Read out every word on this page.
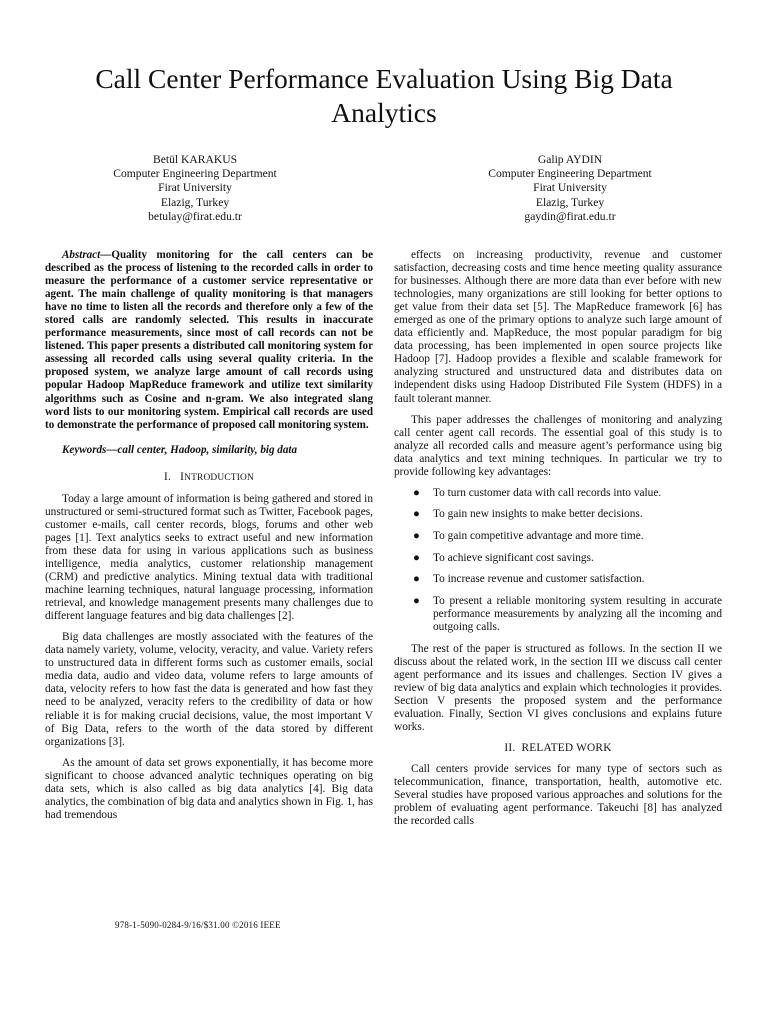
Call Center Performance Evaluation Using Big Data Analytics
Betül KARAKUS
Computer Engineering Department
Firat University
Elazig, Turkey
betulay@firat.edu.tr
Galip AYDIN
Computer Engineering Department
Firat University
Elazig, Turkey
gaydin@firat.edu.tr

Abstract—Quality monitoring for the call centers can be described as the process of listening to the recorded calls in order to measure the performance of a customer service representative or agent. The main challenge of quality monitoring is that managers have no time to listen all the records and therefore only a few of the stored calls are randomly selected. This results in inaccurate performance measurements, since most of call records can not be listened. This paper presents a distributed call monitoring system for assessing all recorded calls using several quality criteria. In the proposed system, we analyze large amount of call records using popular Hadoop MapReduce framework and utilize text similarity algorithms such as Cosine and n-gram. We also integrated slang word lists to our monitoring system. Empirical call records are used to demonstrate the performance of proposed call monitoring system.

Keywords—call center, Hadoop, similarity, big data

I. INTRODUCTION

Today a large amount of information is being gathered and stored in unstructured or semi-structured format such as Twitter, Facebook pages, customer e-mails, call center records, blogs, forums and other web pages [1]. Text analytics seeks to extract useful and new information from these data for using in various applications such as business intelligence, media analytics, customer relationship management (CRM) and predictive analytics. Mining textual data with traditional machine learning techniques, natural language processing, information retrieval, and knowledge management presents many challenges due to different language features and big data challenges [2].

Big data challenges are mostly associated with the features of the data namely variety, volume, velocity, veracity, and value. Variety refers to unstructured data in different forms such as customer emails, social media data, audio and video data, volume refers to large amounts of data, velocity refers to how fast the data is generated and how fast they need to be analyzed, veracity refers to the credibility of data or how reliable it is for making crucial decisions, value, the most important V of Big Data, refers to the worth of the data stored by different organizations [3].

As the amount of data set grows exponentially, it has become more significant to choose advanced analytic techniques operating on big data sets, which is also called as big data analytics [4]. Big data analytics, the combination of big data and analytics shown in Fig. 1, has had tremendous

effects on increasing productivity, revenue and customer satisfaction, decreasing costs and time hence meeting quality assurance for businesses. Although there are more data than ever before with new technologies, many organizations are still looking for better options to get value from their data set [5]. The MapReduce framework [6] has emerged as one of the primary options to analyze such large amount of data efficiently and. MapReduce, the most popular paradigm for big data processing, has been implemented in open source projects like Hadoop [7]. Hadoop provides a flexible and scalable framework for analyzing structured and unstructured data and distributes data on independent disks using Hadoop Distributed File System (HDFS) in a fault tolerant manner.

This paper addresses the challenges of monitoring and analyzing call center agent call records. The essential goal of this study is to analyze all recorded calls and measure agent’s performance using big data analytics and text mining techniques. In particular we try to provide following key advantages:

● To turn customer data with call records into value.
● To gain new insights to make better decisions.
● To gain competitive advantage and more time.
● To achieve significant cost savings.
● To increase revenue and customer satisfaction.
● To present a reliable monitoring system resulting in accurate performance measurements by analyzing all the incoming and outgoing calls.

The rest of the paper is structured as follows. In the section II we discuss about the related work, in the section III we discuss call center agent performance and its issues and challenges. Section IV gives a review of big data analytics and explain which technologies it provides. Section V presents the proposed system and the performance evaluation. Finally, Section VI gives conclusions and explains future works.

II. RELATED WORK

Call centers provide services for many type of sectors such as telecommunication, finance, transportation, health, automotive etc. Several studies have proposed various approaches and solutions for the problem of evaluating agent performance. Takeuchi [8] has analyzed the recorded calls

978-1-5090-0284-9/16/$31.00 ©2016 IEEE
